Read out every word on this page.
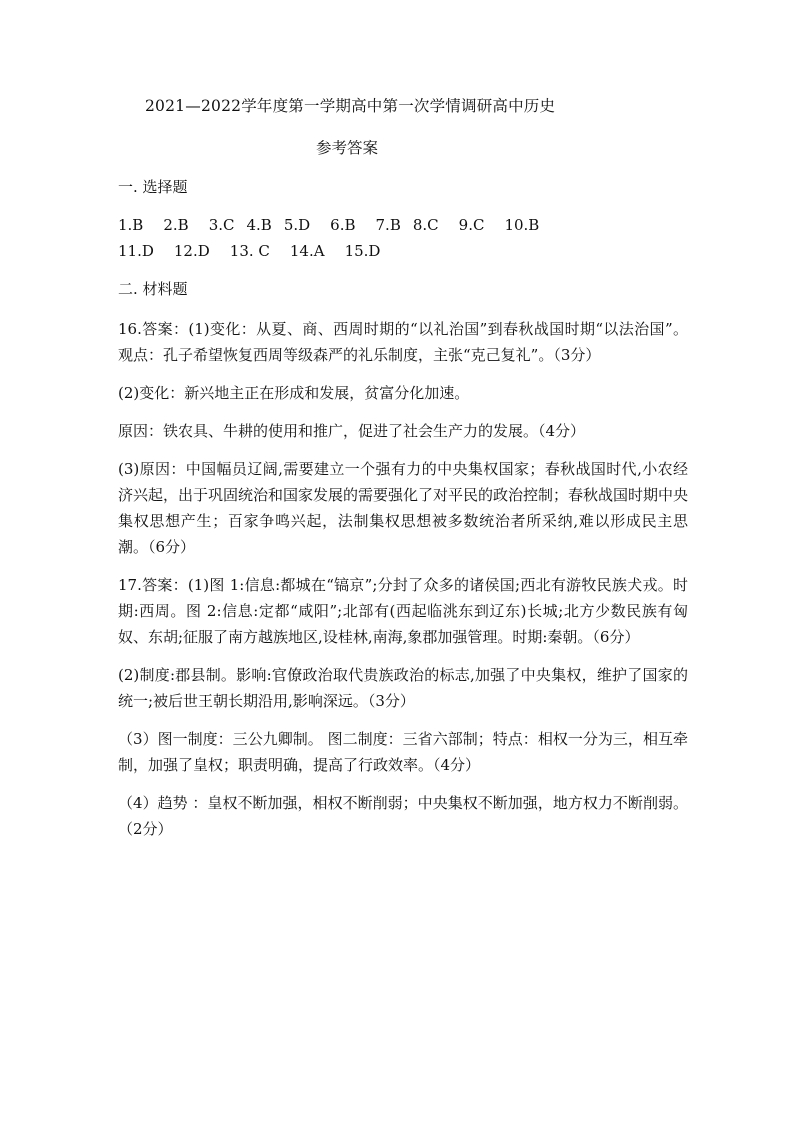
2021—2022学年度第一学期高中第一次学情调研高中历史
参考答案

一. 选择题

1.B 2.B 3.C 4.B 5.D 6.B 7.B 8.C 9.C 10.B

11.D 12.D 13. C 14.A 15.D

二. 材料题

16.答案：(1)变化：从夏、商、西周时期的“以礼治国”到春秋战国时期“以法治国”。观点：孔子希望恢复西周等级森严的礼乐制度，主张“克己复礼”。（3分）

(2)变化：新兴地主正在形成和发展，贫富分化加速。

原因：铁农具、牛耕的使用和推广，促进了社会生产力的发展。（4分）

(3)原因：中国幅员辽阔,需要建立一个强有力的中央集权国家；春秋战国时代,小农经济兴起，出于巩固统治和国家发展的需要强化了对平民的政治控制；春秋战国时期中央集权思想产生；百家争鸣兴起，法制集权思想被多数统治者所采纳,难以形成民主思潮。（6分）

17.答案：(1)图 1:信息:都城在“镐京”;分封了众多的诸侯国;西北有游牧民族犬戎。时期:西周。图 2:信息:定都“咸阳”;北部有(西起临洮东到辽东)长城;北方少数民族有匈奴、东胡;征服了南方越族地区,设桂林,南海,象郡加强管理。时期:秦朝。（6分）

(2)制度:郡县制。影响:官僚政治取代贵族政治的标志,加强了中央集权，维护了国家的统一;被后世王朝长期沿用,影响深远。（3分）

（3）图一制度：三公九卿制。 图二制度：三省六部制；特点：相权一分为三，相互牵制，加强了皇权；职责明确，提高了行政效率。（4分）

（4）趋势 ：皇权不断加强，相权不断削弱；中央集权不断加强，地方权力不断削弱。（2分）
